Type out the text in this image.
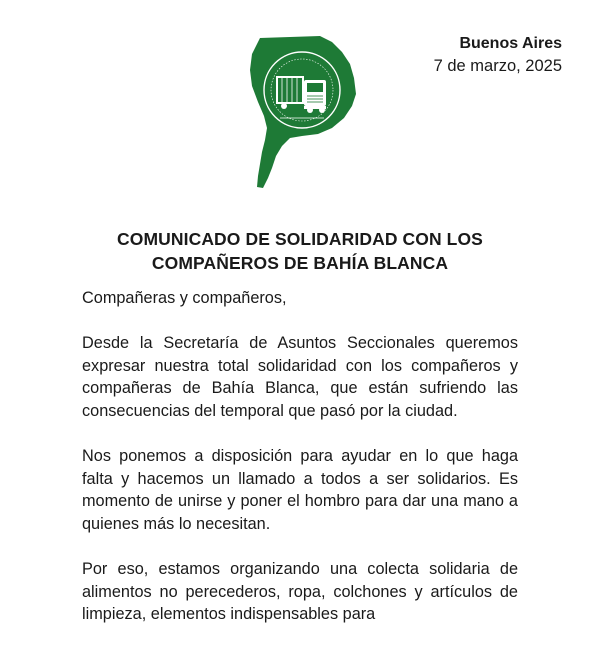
Buenos Aires
7 de marzo, 2025
COMUNICADO DE SOLIDARIDAD CON LOS
COMPAÑEROS DE BAHÍA BLANCA

Compañeras y compañeros,

Desde la Secretaría de Asuntos Seccionales queremos expresar nuestra total solidaridad con los compañeros y compañeras de Bahía Blanca, que están sufriendo las consecuencias del temporal que pasó por la ciudad.

Nos ponemos a disposición para ayudar en lo que haga falta y hacemos un llamado a todos a ser solidarios. Es momento de unirse y poner el hombro para dar una mano a quienes más lo necesitan.

Por eso, estamos organizando una colecta solidaria de alimentos no perecederos, ropa, colchones y artículos de limpieza, elementos indispensables para
